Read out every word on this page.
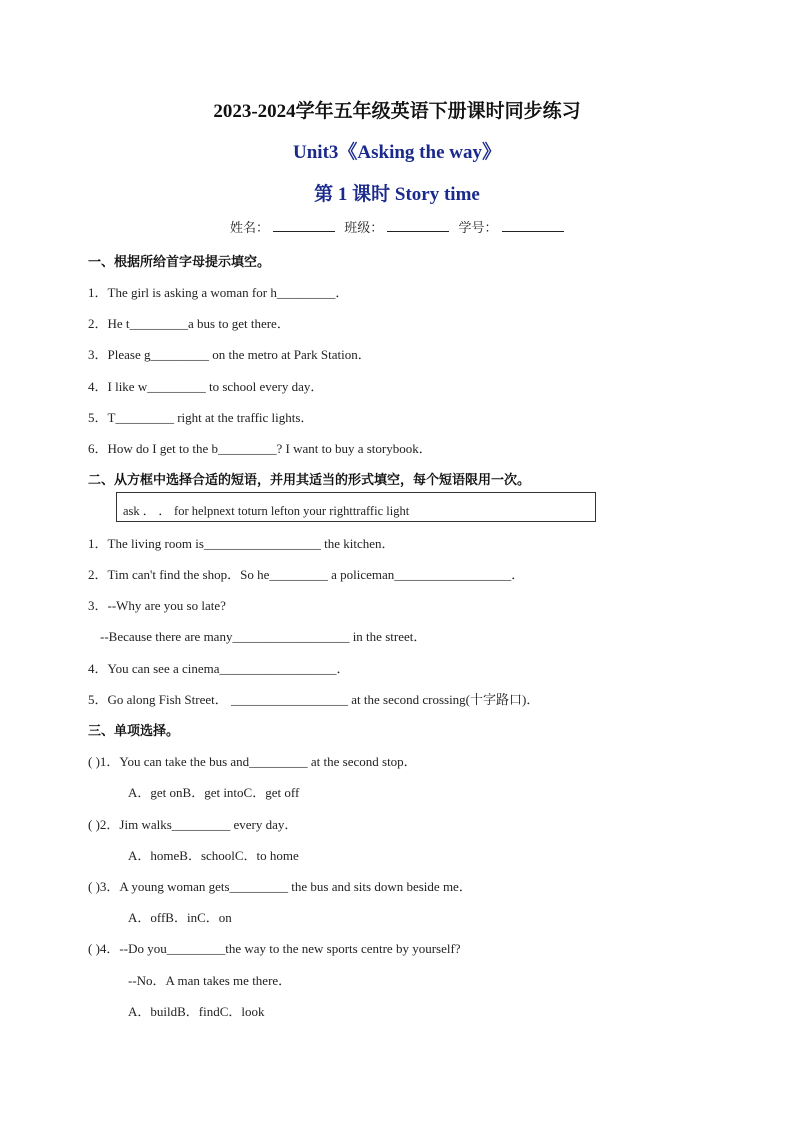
2023-2024学年五年级英语下册课时同步练习
Unit3《Asking the way》
第 1 课时 Story time
姓名：	班级：	学号：
一、根据所给首字母提示填空。
1．The girl is asking a woman for h_________．
2．He t_________a bus to get there．
3．Please g_________ on the metro at Park Station．
4．I like w_________ to school every day．
5．T_________ right at the traffic lights．
6．How do I get to the b_________? I want to buy a storybook．
二、从方框中选择合适的短语，并用其适当的形式填空，每个短语限用一次。
ask ． ． for helpnext toturn lefton your righttraffic light
1．The living room is__________________ the kitchen．
2．Tim can't find the shop．So he_________ a policeman__________________．
3．--Why are you so late?
--Because there are many__________________ in the street．
4．You can see a cinema__________________．
5．Go along Fish Street． __________________ at the second crossing(十字路口)．
三、单项选择。
( )1．You can take the bus and_________ at the second stop．
A．get onB．get intoC．get off
( )2．Jim walks_________ every day．
A．homeB．schoolC．to home
( )3．A young woman gets_________ the bus and sits down beside me．
A．offB．inC．on
( )4．--Do you_________the way to the new sports centre by yourself?
--No．A man takes me there．
A．buildB．findC．look
